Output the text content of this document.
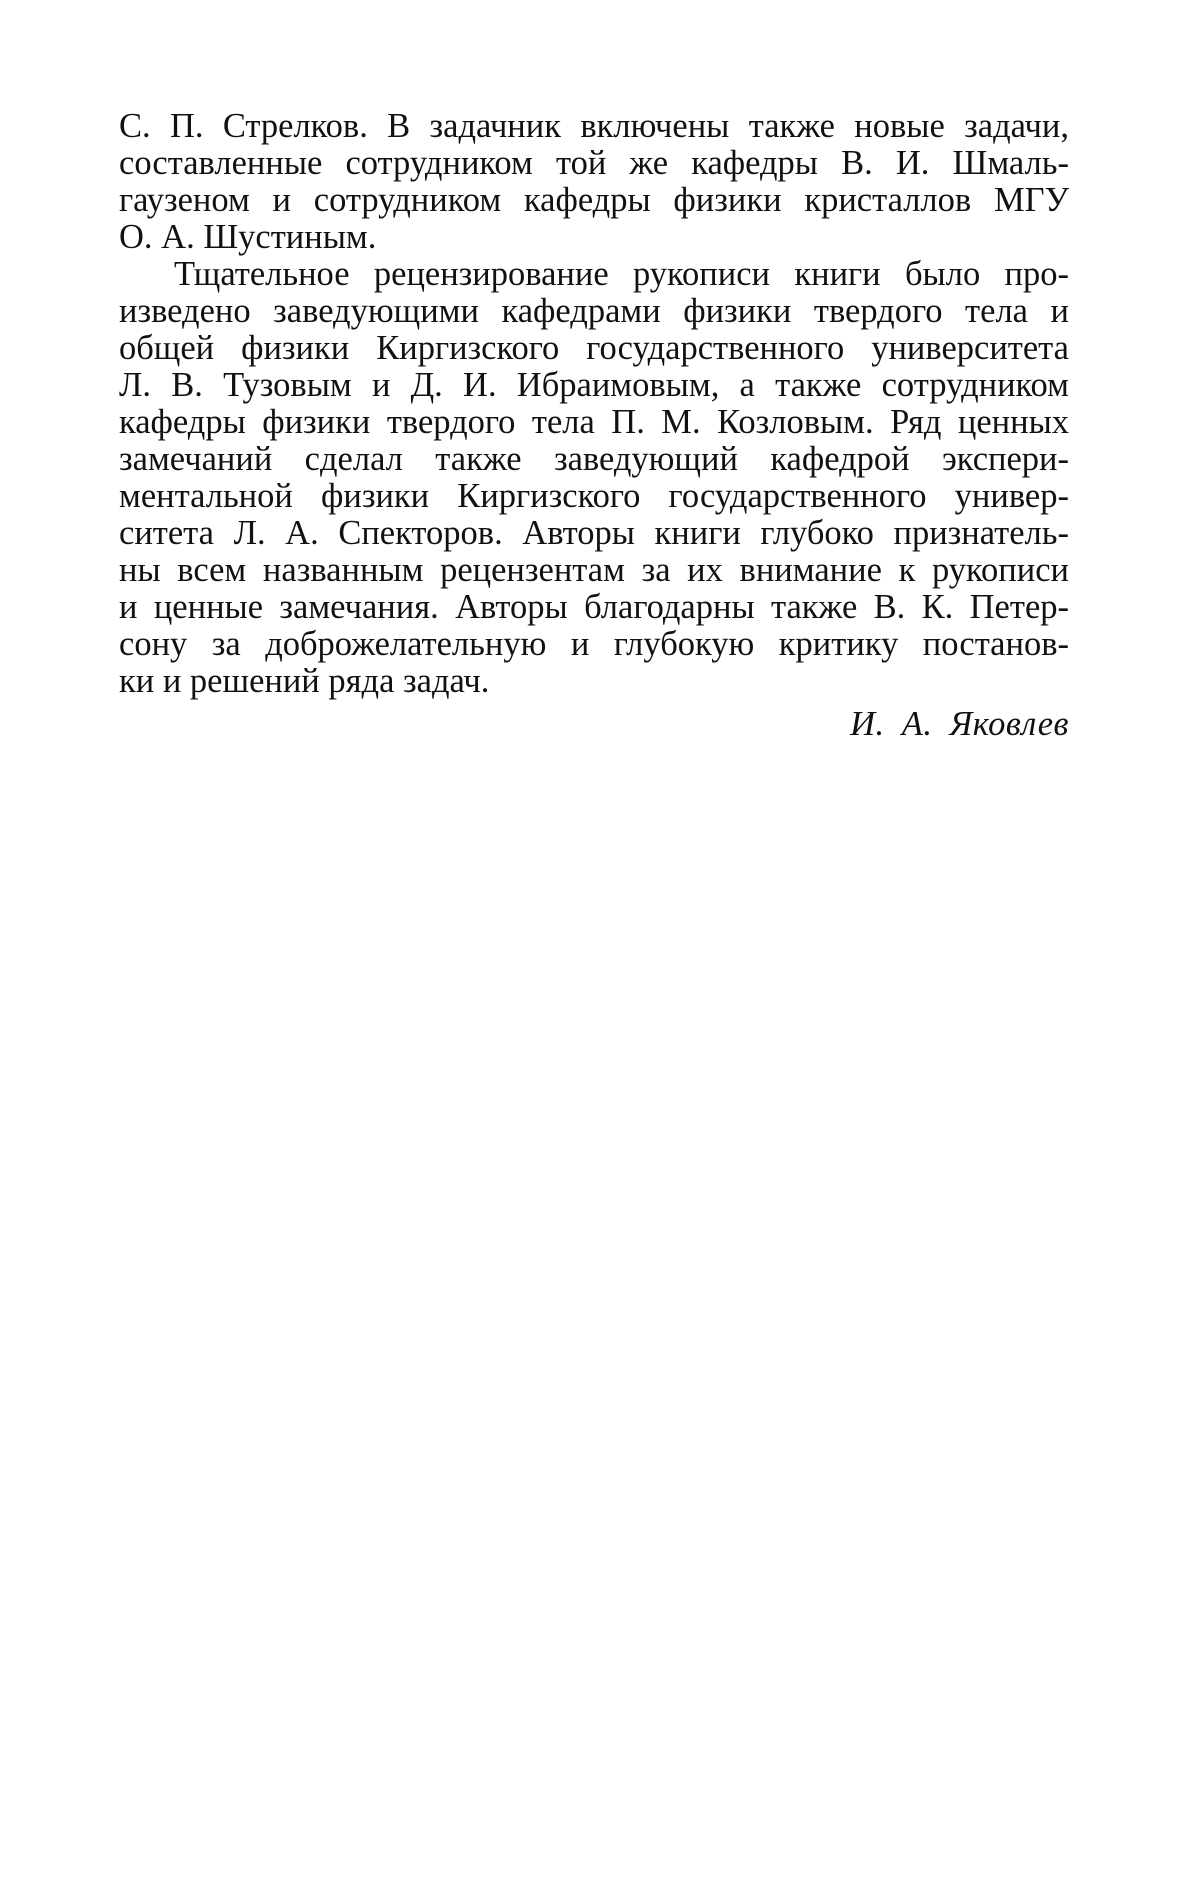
С. П. Стрелков. В задачник включены также новые задачи,
составленные сотрудником той же кафедры В. И. Шмаль-
гаузеном и сотрудником кафедры физики кристаллов МГУ
О. А. Шустиным.

Тщательное рецензирование рукописи книги было про-
изведено заведующими кафедрами физики твердого тела и
общей физики Киргизского государственного университета
Л. В. Тузовым и Д. И. Ибраимовым, а также сотрудником
кафедры физики твердого тела П. М. Козловым. Ряд ценных
замечаний сделал также заведующий кафедрой экспери-
ментальной физики Киргизского государственного универ-
ситета Л. А. Спекторов. Авторы книги глубоко признатель-
ны всем названным рецензентам за их внимание к рукописи
и ценные замечания. Авторы благодарны также В. К. Петер-
сону за доброжелательную и глубокую критику постанов-
ки и решений ряда задач.

И. А. Яковлев
